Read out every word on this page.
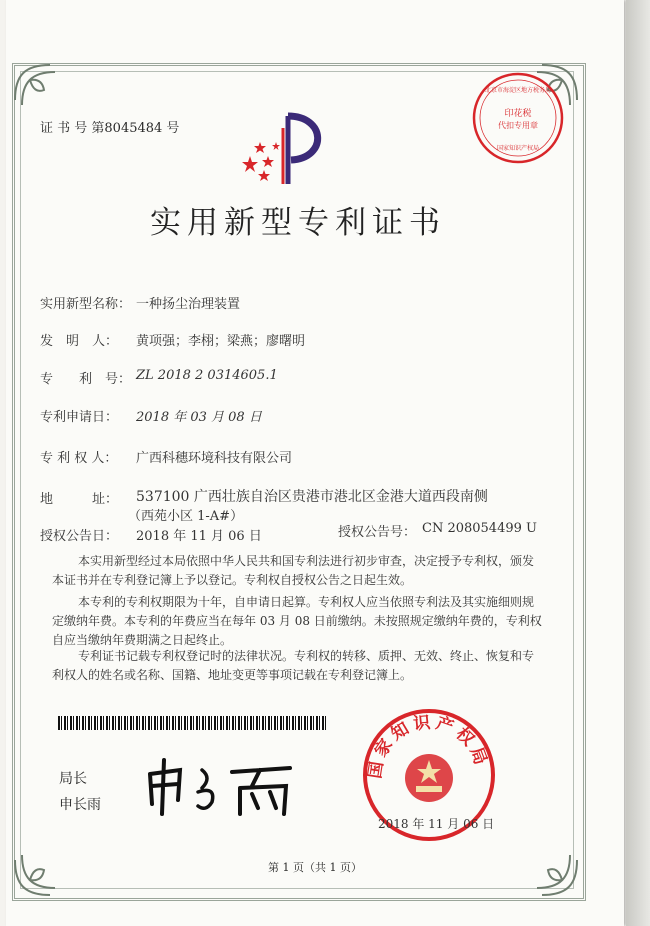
证 书 号 第8045484 号
实用新型专利证书
印花税
代扣专用章
北京市海淀区地方税务局
国家知识产权局
实用新型名称： 一种扬尘治理装置
发　明　人： 黄项强；李栩；梁燕；廖曙明
专　　利　号： ZL 2018 2 0314605.1
专利申请日： 2018 年 03 月 08 日
专 利 权 人： 广西科穗环境科技有限公司
地　　　址： 537100 广西壮族自治区贵港市港北区金港大道西段南侧
（西苑小区 1-A#）
授权公告日： 2018 年 11 月 06 日	授权公告号： CN 208054499 U
本实用新型经过本局依照中华人民共和国专利法进行初步审查，决定授予专利权，颁发
本证书并在专利登记簿上予以登记。专利权自授权公告之日起生效。
本专利的专利权期限为十年，自申请日起算。专利权人应当依照专利法及其实施细则规
定缴纳年费。本专利的年费应当在每年 03 月 08 日前缴纳。未按照规定缴纳年费的，专利权
自应当缴纳年费期满之日起终止。
专利证书记载专利权登记时的法律状况。专利权的转移、质押、无效、终止、恢复和专
利权人的姓名或名称、国籍、地址变更等事项记载在专利登记簿上。
局长
申长雨
国家知识产权局
2018 年 11 月 06 日
第 1 页（共 1 页）
